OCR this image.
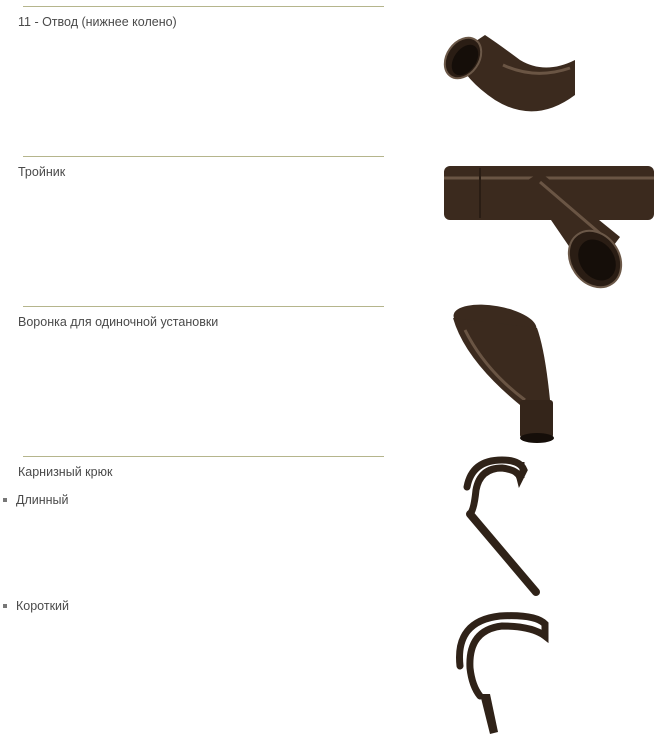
11 - Отвод (нижнее колено)
Тройник
Воронка для одиночной установки
Карнизный крюк
Длинный
Короткий
